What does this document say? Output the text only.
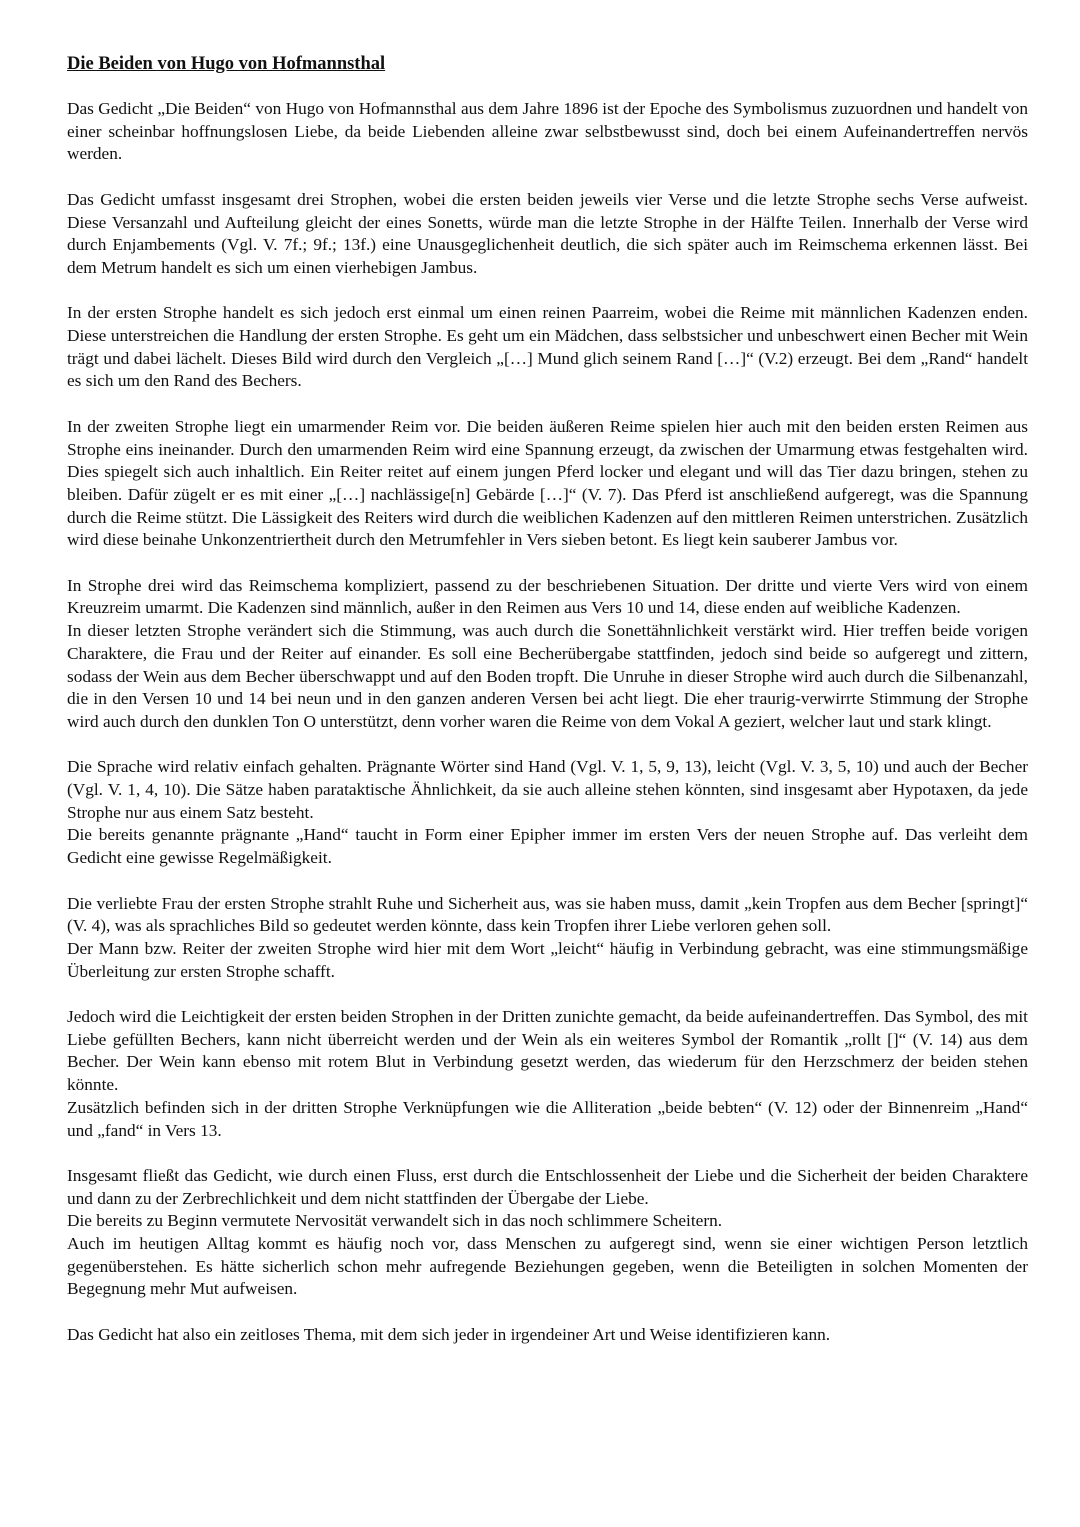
Die Beiden von Hugo von Hofmannsthal

Das Gedicht „Die Beiden“ von Hugo von Hofmannsthal aus dem Jahre 1896 ist der Epoche des Symbolismus zuzuordnen und handelt von einer scheinbar hoffnungslosen Liebe, da beide Liebenden alleine zwar selbstbewusst sind, doch bei einem Aufeinandertreffen nervös werden.

Das Gedicht umfasst insgesamt drei Strophen, wobei die ersten beiden jeweils vier Verse und die letzte Strophe sechs Verse aufweist. Diese Versanzahl und Aufteilung gleicht der eines Sonetts, würde man die letzte Strophe in der Hälfte Teilen. Innerhalb der Verse wird durch Enjambements (Vgl. V. 7f.; 9f.; 13f.) eine Unausgeglichenheit deutlich, die sich später auch im Reimschema erkennen lässt. Bei dem Metrum handelt es sich um einen vierhebigen Jambus.

In der ersten Strophe handelt es sich jedoch erst einmal um einen reinen Paarreim, wobei die Reime mit männlichen Kadenzen enden. Diese unterstreichen die Handlung der ersten Strophe. Es geht um ein Mädchen, dass selbstsicher und unbeschwert einen Becher mit Wein trägt und dabei lächelt. Dieses Bild wird durch den Vergleich „[…] Mund glich seinem Rand […]“ (V.2) erzeugt. Bei dem „Rand“ handelt es sich um den Rand des Bechers.

In der zweiten Strophe liegt ein umarmender Reim vor. Die beiden äußeren Reime spielen hier auch mit den beiden ersten Reimen aus Strophe eins ineinander. Durch den umarmenden Reim wird eine Spannung erzeugt, da zwischen der Umarmung etwas festgehalten wird. Dies spiegelt sich auch inhaltlich. Ein Reiter reitet auf einem jungen Pferd locker und elegant und will das Tier dazu bringen, stehen zu bleiben. Dafür zügelt er es mit einer „[…] nachlässige[n] Gebärde […]“ (V. 7). Das Pferd ist anschließend aufgeregt, was die Spannung durch die Reime stützt. Die Lässigkeit des Reiters wird durch die weiblichen Kadenzen auf den mittleren Reimen unterstrichen. Zusätzlich wird diese beinahe Unkonzentriertheit durch den Metrumfehler in Vers sieben betont. Es liegt kein sauberer Jambus vor.

In Strophe drei wird das Reimschema kompliziert, passend zu der beschriebenen Situation. Der dritte und vierte Vers wird von einem Kreuzreim umarmt. Die Kadenzen sind männlich, außer in den Reimen aus Vers 10 und 14, diese enden auf weibliche Kadenzen.

In dieser letzten Strophe verändert sich die Stimmung, was auch durch die Sonettähnlichkeit verstärkt wird. Hier treffen beide vorigen Charaktere, die Frau und der Reiter auf einander. Es soll eine Becherübergabe stattfinden, jedoch sind beide so aufgeregt und zittern, sodass der Wein aus dem Becher überschwappt und auf den Boden tropft. Die Unruhe in dieser Strophe wird auch durch die Silbenanzahl, die in den Versen 10 und 14 bei neun und in den ganzen anderen Versen bei acht liegt. Die eher traurig-verwirrte Stimmung der Strophe wird auch durch den dunklen Ton O unterstützt, denn vorher waren die Reime von dem Vokal A geziert, welcher laut und stark klingt.

Die Sprache wird relativ einfach gehalten. Prägnante Wörter sind Hand (Vgl. V. 1, 5, 9, 13), leicht (Vgl. V. 3, 5, 10) und auch der Becher (Vgl. V. 1, 4, 10). Die Sätze haben parataktische Ähnlichkeit, da sie auch alleine stehen könnten, sind insgesamt aber Hypotaxen, da jede Strophe nur aus einem Satz besteht.

Die bereits genannte prägnante „Hand“ taucht in Form einer Epipher immer im ersten Vers der neuen Strophe auf. Das verleiht dem Gedicht eine gewisse Regelmäßigkeit.

Die verliebte Frau der ersten Strophe strahlt Ruhe und Sicherheit aus, was sie haben muss, damit „kein Tropfen aus dem Becher [springt]“ (V. 4), was als sprachliches Bild so gedeutet werden könnte, dass kein Tropfen ihrer Liebe verloren gehen soll.

Der Mann bzw. Reiter der zweiten Strophe wird hier mit dem Wort „leicht“ häufig in Verbindung gebracht, was eine stimmungsmäßige Überleitung zur ersten Strophe schafft.

Jedoch wird die Leichtigkeit der ersten beiden Strophen in der Dritten zunichte gemacht, da beide aufeinandertreffen. Das Symbol, des mit Liebe gefüllten Bechers, kann nicht überreicht werden und der Wein als ein weiteres Symbol der Romantik „rollt []“ (V. 14) aus dem Becher. Der Wein kann ebenso mit rotem Blut in Verbindung gesetzt werden, das wiederum für den Herzschmerz der beiden stehen könnte.

Zusätzlich befinden sich in der dritten Strophe Verknüpfungen wie die Alliteration „beide bebten“ (V. 12) oder der Binnenreim „Hand“ und „fand“ in Vers 13.

Insgesamt fließt das Gedicht, wie durch einen Fluss, erst durch die Entschlossenheit der Liebe und die Sicherheit der beiden Charaktere und dann zu der Zerbrechlichkeit und dem nicht stattfinden der Übergabe der Liebe.

Die bereits zu Beginn vermutete Nervosität verwandelt sich in das noch schlimmere Scheitern.

Auch im heutigen Alltag kommt es häufig noch vor, dass Menschen zu aufgeregt sind, wenn sie einer wichtigen Person letztlich gegenüberstehen. Es hätte sicherlich schon mehr aufregende Beziehungen gegeben, wenn die Beteiligten in solchen Momenten der Begegnung mehr Mut aufweisen.

Das Gedicht hat also ein zeitloses Thema, mit dem sich jeder in irgendeiner Art und Weise identifizieren kann.
